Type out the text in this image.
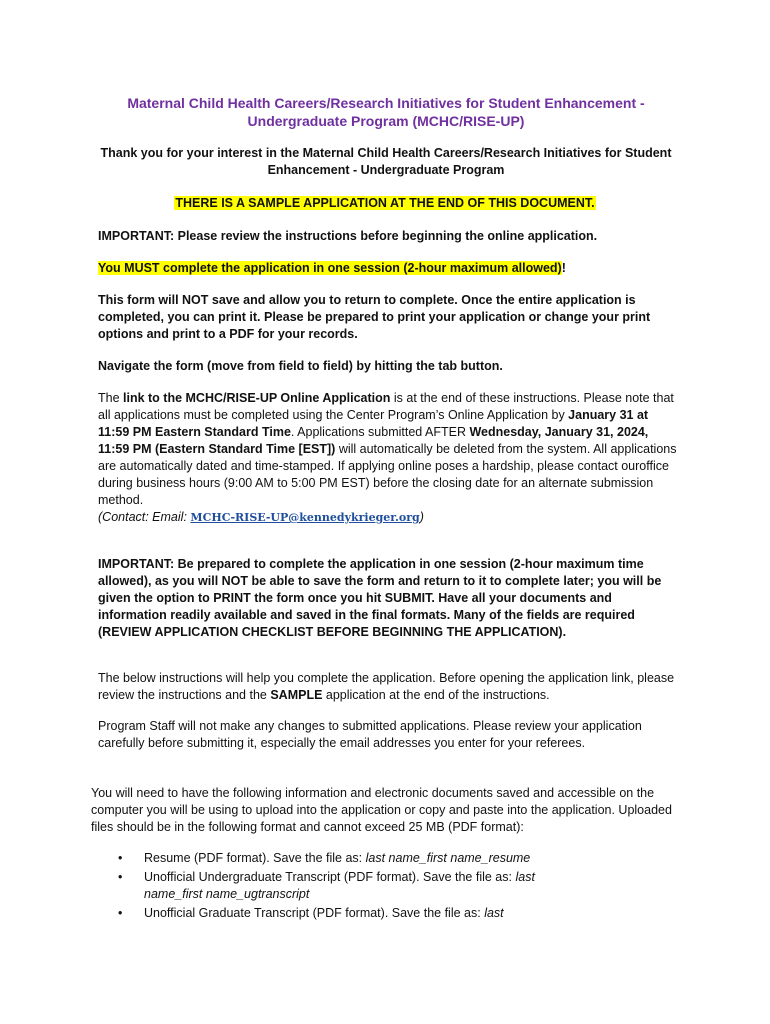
Maternal Child Health Careers/Research Initiatives for Student Enhancement - Undergraduate Program (MCHC/RISE-UP)
Thank you for your interest in the Maternal Child Health Careers/Research Initiatives for Student Enhancement - Undergraduate Program
THERE IS A SAMPLE APPLICATION AT THE END OF THIS DOCUMENT.
IMPORTANT: Please review the instructions before beginning the online application.
You MUST complete the application in one session (2-hour maximum allowed)!
This form will NOT save and allow you to return to complete. Once the entire application is completed, you can print it. Please be prepared to print your application or change your print options and print to a PDF for your records.
Navigate the form (move from field to field) by hitting the tab button.
The link to the MCHC/RISE-UP Online Application is at the end of these instructions. Please note that all applications must be completed using the Center Program’s Online Application by January 31 at 11:59 PM Eastern Standard Time. Applications submitted AFTER Wednesday, January 31, 2024, 11:59 PM (Eastern Standard Time [EST]) will automatically be deleted from the system. All applications are automatically dated and time-stamped. If applying online poses a hardship, please contact ouroffice during business hours (9:00 AM to 5:00 PM EST) before the closing date for an alternate submission method.
(Contact: Email: MCHC-RISE-UP@kennedykrieger.org)
IMPORTANT: Be prepared to complete the application in one session (2-hour maximum time allowed), as you will NOT be able to save the form and return to it to complete later; you will be given the option to PRINT the form once you hit SUBMIT. Have all your documents and information readily available and saved in the final formats. Many of the fields are required (REVIEW APPLICATION CHECKLIST BEFORE BEGINNING THE APPLICATION).
The below instructions will help you complete the application. Before opening the application link, please review the instructions and the SAMPLE application at the end of the instructions.
Program Staff will not make any changes to submitted applications. Please review your application carefully before submitting it, especially the email addresses you enter for your referees.
You will need to have the following information and electronic documents saved and accessible on the computer you will be using to upload into the application or copy and paste into the application. Uploaded files should be in the following format and cannot exceed 25 MB (PDF format):
• Resume (PDF format). Save the file as: last name_first name_resume
• Unofficial Undergraduate Transcript (PDF format). Save the file as: last name_first name_ugtranscript
• Unofficial Graduate Transcript (PDF format). Save the file as: last
